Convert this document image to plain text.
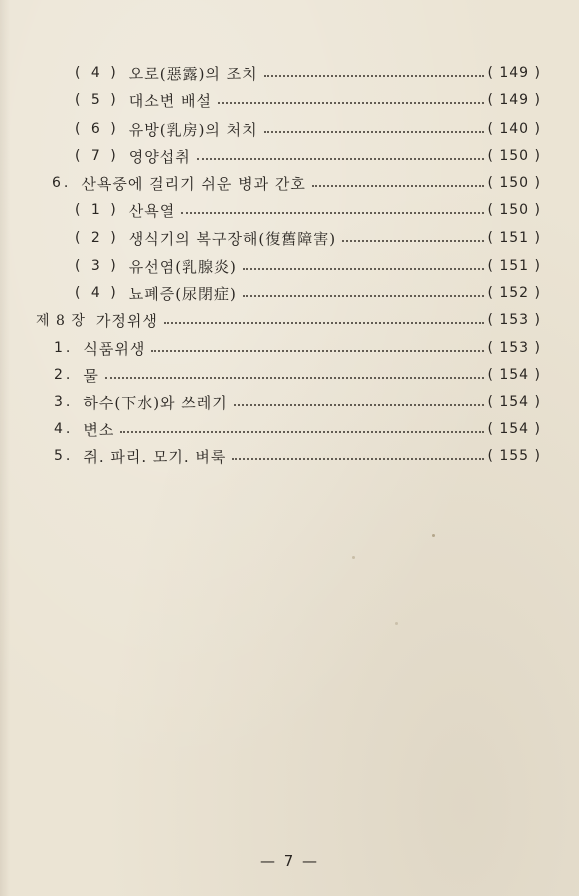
( 4 ) 오로(惡露)의 조치	( 149 )
( 5 ) 대소변 배설	( 149 )
( 6 ) 유방(乳房)의 처치	( 140 )
( 7 ) 영양섭취	( 150 )
6. 산욕중에 걸리기 쉬운 병과 간호	( 150 )
( 1 ) 산욕열	( 150 )
( 2 ) 생식기의 복구장해(復舊障害)	( 151 )
( 3 ) 유선염(乳腺炎)	( 151 )
( 4 ) 뇨폐증(尿閉症)	( 152 )
제 8 장 가정위생	( 153 )
1. 식품위생	( 153 )
2. 물	( 154 )
3. 하수(下水)와 쓰레기	( 154 )
4. 변소	( 154 )
5. 쥐. 파리. 모기. 벼룩	( 155 )
— 7 —
